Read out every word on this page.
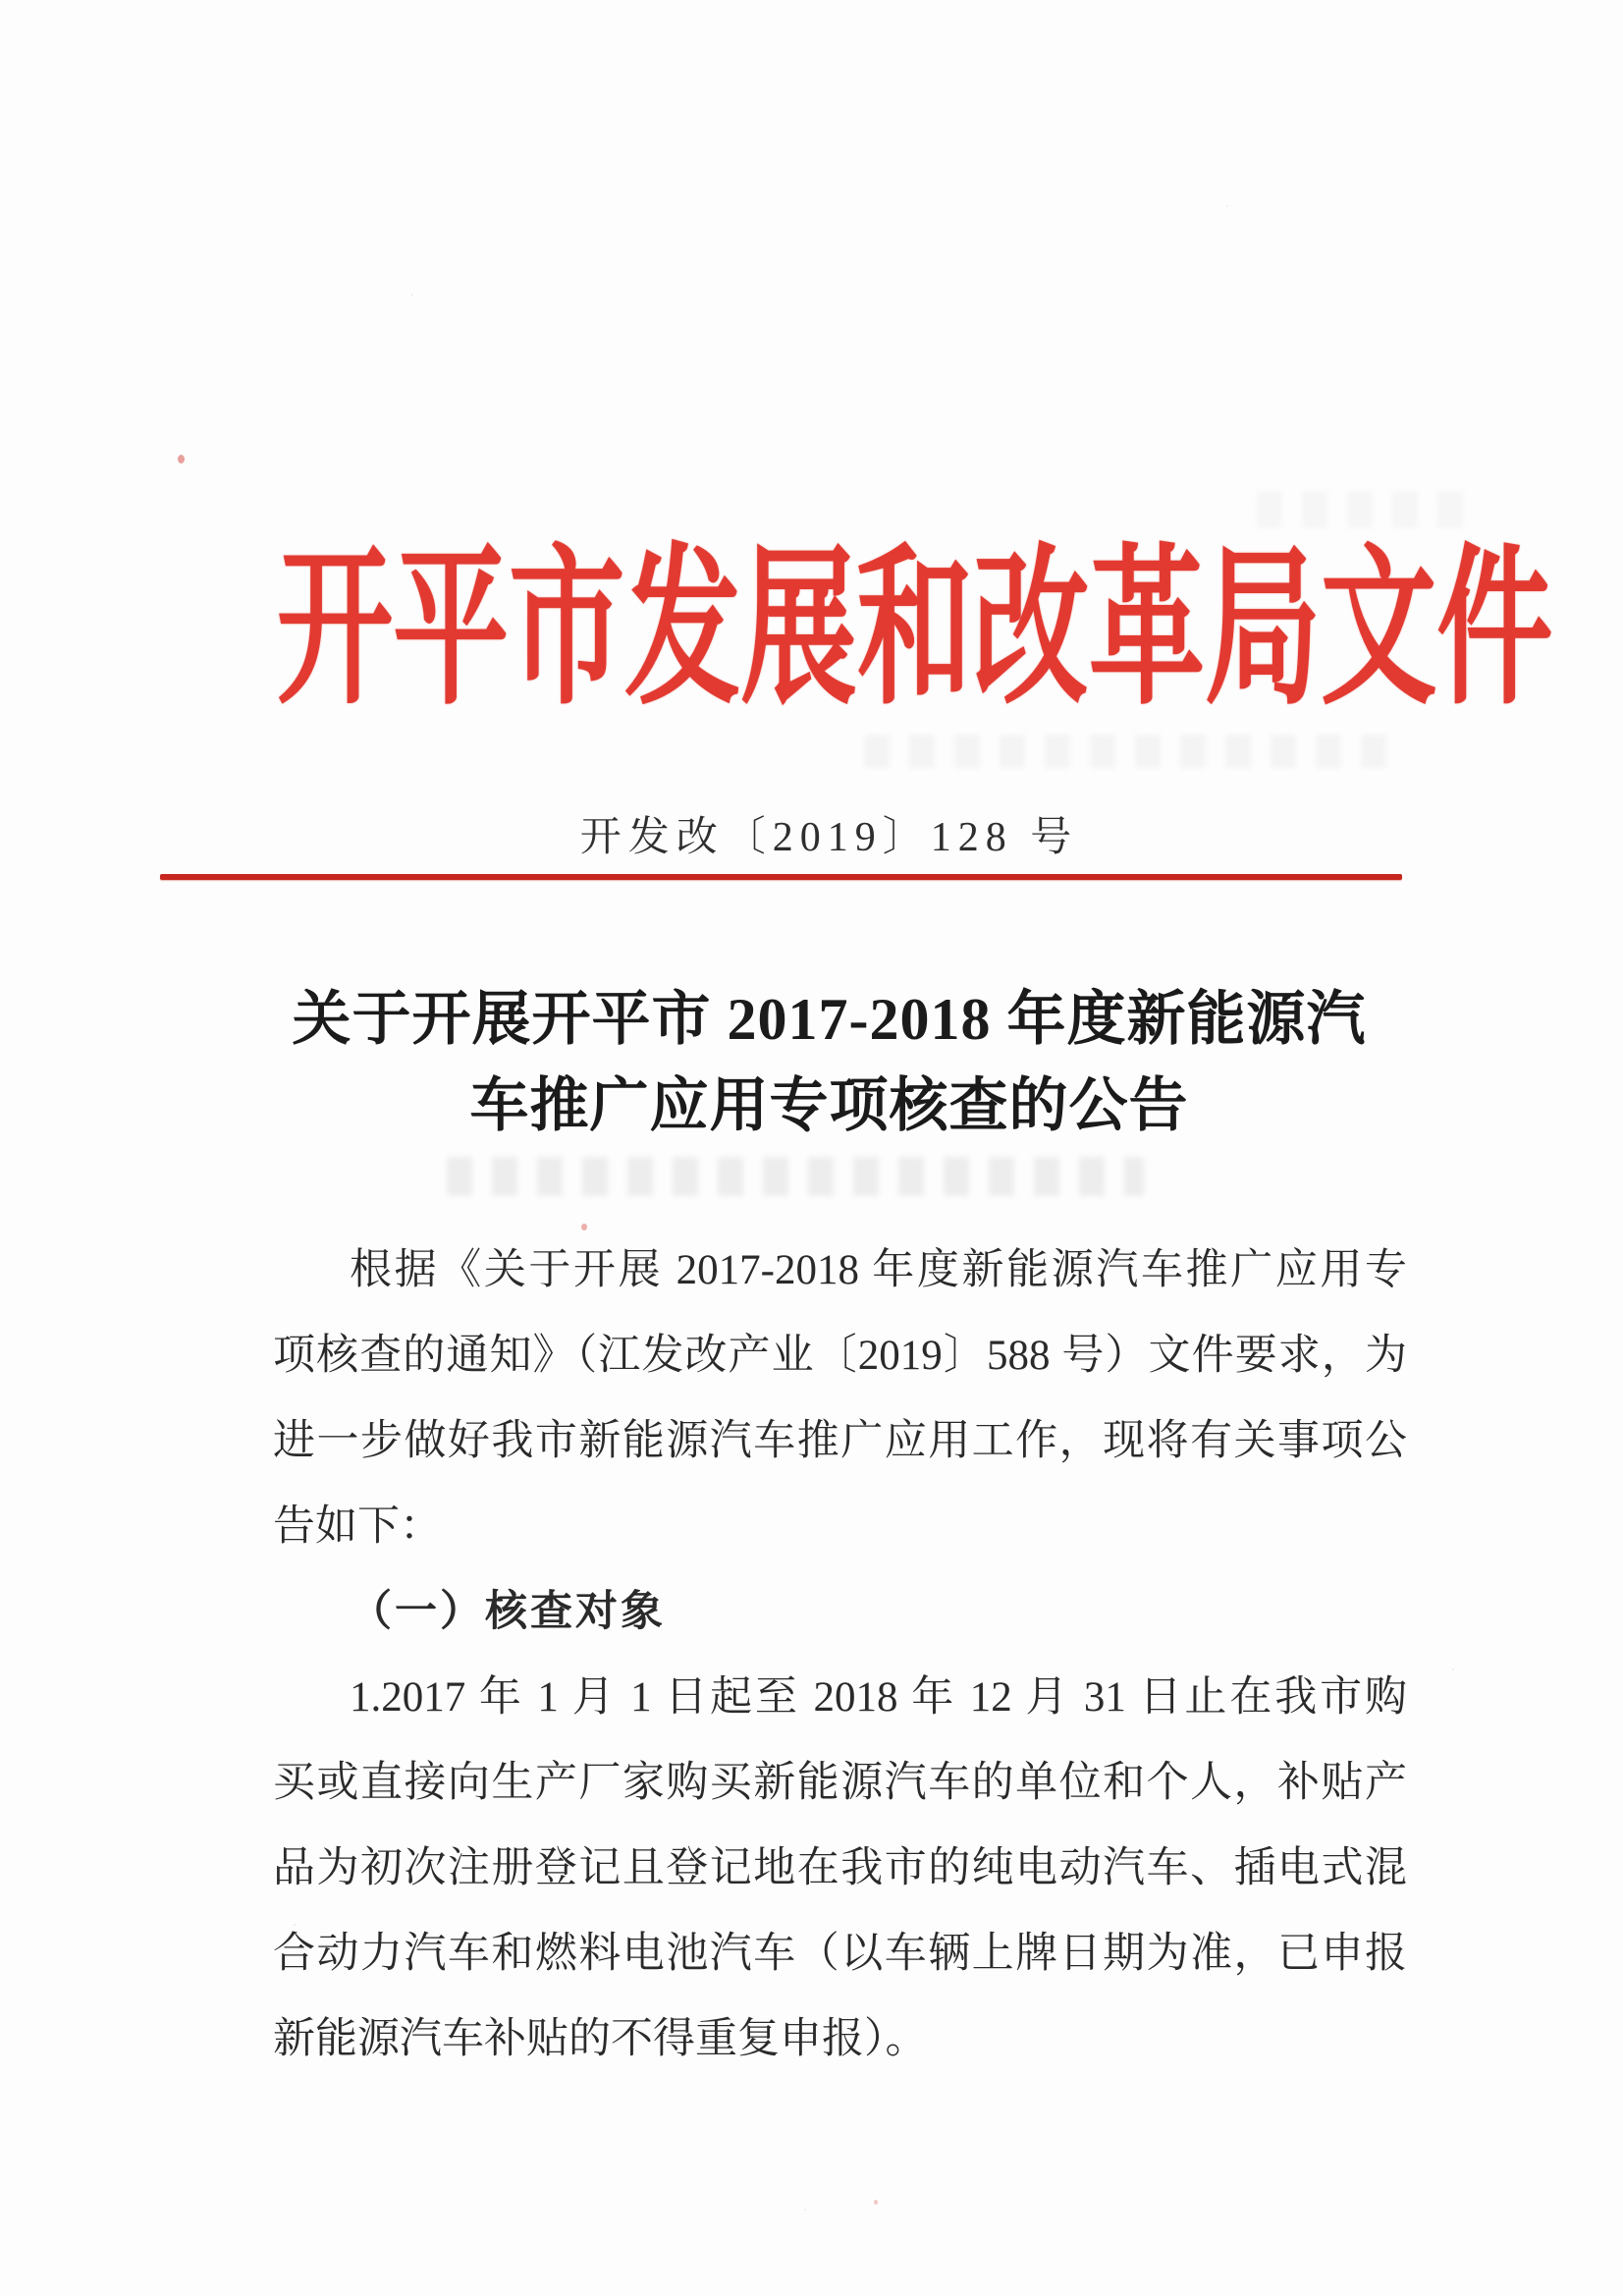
开平市发展和改革局文件
开发改〔2019〕128 号
关于开展开平市 2017-2018 年度新能源汽
车推广应用专项核查的公告
根据《关于开展 2017-2018 年度新能源汽车推广应用专
项核查的通知》（江发改产业〔2019〕588 号）文件要求，为
进一步做好我市新能源汽车推广应用工作，现将有关事项公
告如下：
（一）核查对象
1.2017 年 1 月 1 日起至 2018 年 12 月 31 日止在我市购
买或直接向生产厂家购买新能源汽车的单位和个人，补贴产
品为初次注册登记且登记地在我市的纯电动汽车、插电式混
合动力汽车和燃料电池汽车（以车辆上牌日期为准，已申报
新能源汽车补贴的不得重复申报）。
